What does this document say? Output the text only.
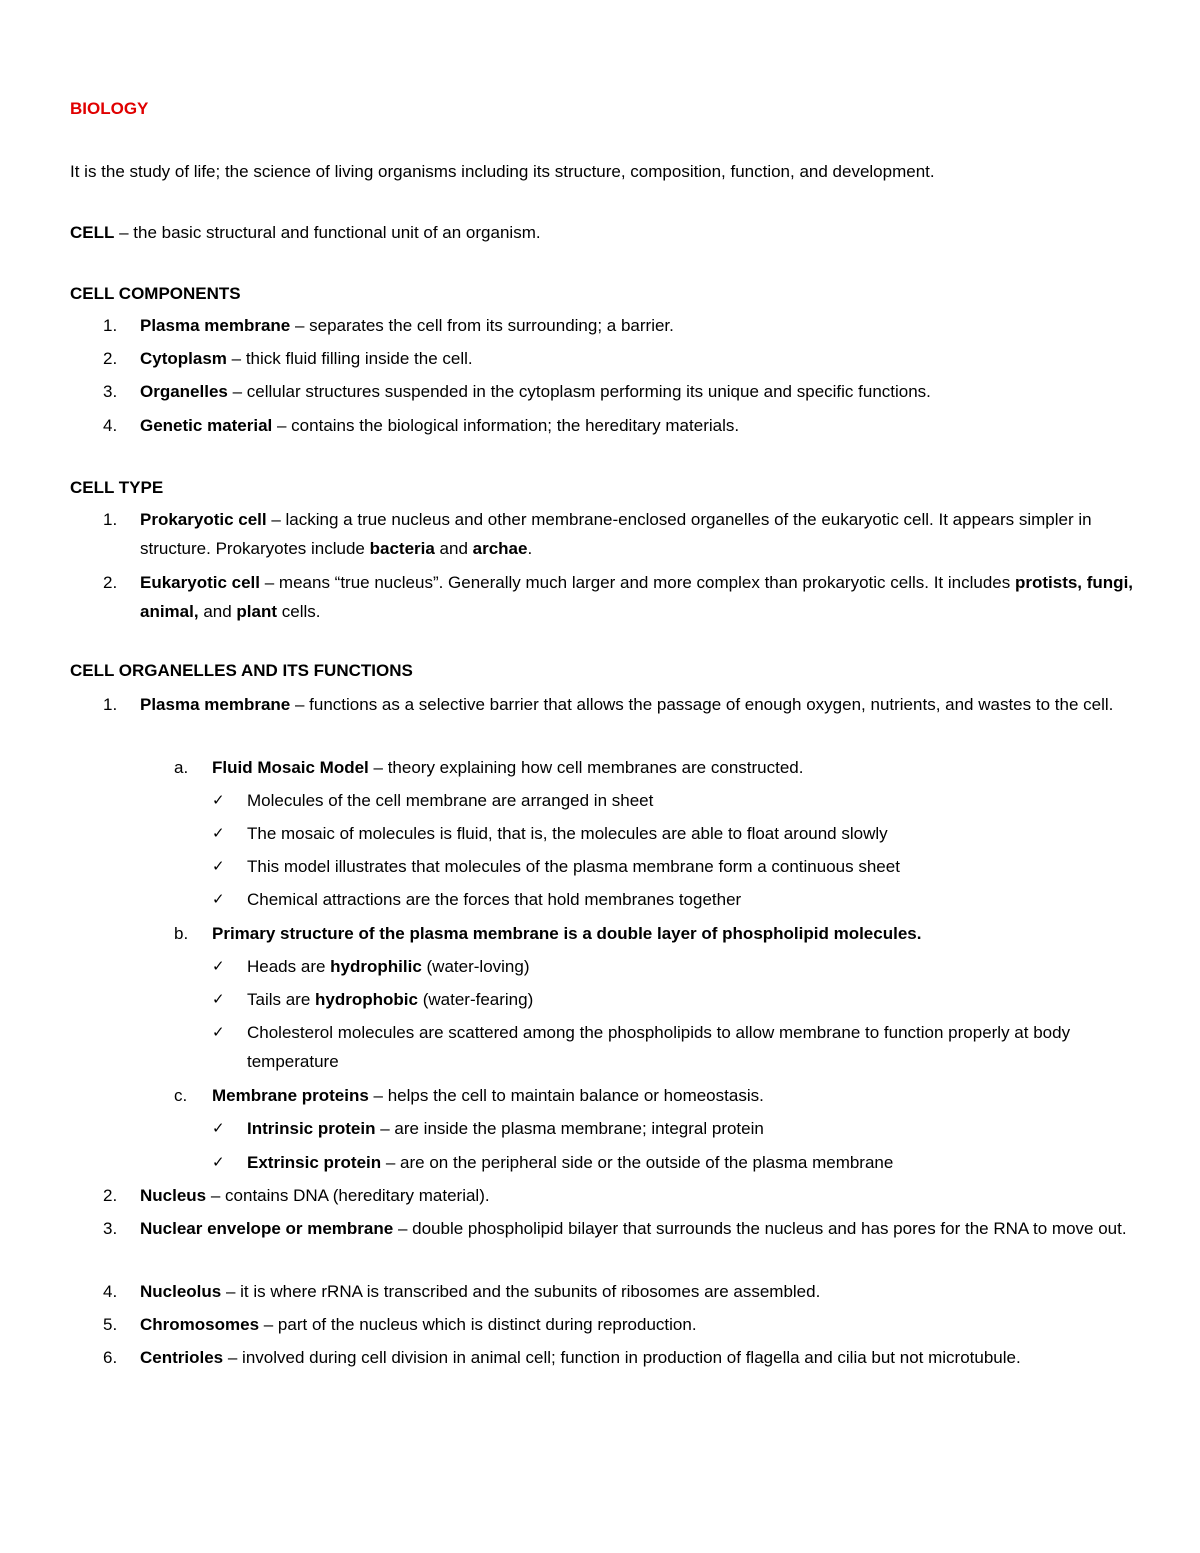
BIOLOGY
It is the study of life; the science of living organisms including its structure, composition, function, and development.
CELL – the basic structural and functional unit of an organism.
CELL COMPONENTS
1. Plasma membrane – separates the cell from its surrounding; a barrier.
2. Cytoplasm – thick fluid filling inside the cell.
3. Organelles – cellular structures suspended in the cytoplasm performing its unique and specific functions.
4. Genetic material – contains the biological information; the hereditary materials.
CELL TYPE
1. Prokaryotic cell – lacking a true nucleus and other membrane-enclosed organelles of the eukaryotic cell. It appears simpler in structure. Prokaryotes include bacteria and archae.
2. Eukaryotic cell – means “true nucleus”. Generally much larger and more complex than prokaryotic cells. It includes protists, fungi, animal, and plant cells.
CELL ORGANELLES AND ITS FUNCTIONS
1. Plasma membrane – functions as a selective barrier that allows the passage of enough oxygen, nutrients, and wastes to the cell.
a. Fluid Mosaic Model – theory explaining how cell membranes are constructed.
✓ Molecules of the cell membrane are arranged in sheet
✓ The mosaic of molecules is fluid, that is, the molecules are able to float around slowly
✓ This model illustrates that molecules of the plasma membrane form a continuous sheet
✓ Chemical attractions are the forces that hold membranes together
b. Primary structure of the plasma membrane is a double layer of phospholipid molecules.
✓ Heads are hydrophilic (water-loving)
✓ Tails are hydrophobic (water-fearing)
✓ Cholesterol molecules are scattered among the phospholipids to allow membrane to function properly at body temperature
c. Membrane proteins – helps the cell to maintain balance or homeostasis.
✓ Intrinsic protein – are inside the plasma membrane; integral protein
✓ Extrinsic protein – are on the peripheral side or the outside of the plasma membrane
2. Nucleus – contains DNA (hereditary material).
3. Nuclear envelope or membrane – double phospholipid bilayer that surrounds the nucleus and has pores for the RNA to move out.
4. Nucleolus – it is where rRNA is transcribed and the subunits of ribosomes are assembled.
5. Chromosomes – part of the nucleus which is distinct during reproduction.
6. Centrioles – involved during cell division in animal cell; function in production of flagella and cilia but not microtubule.
